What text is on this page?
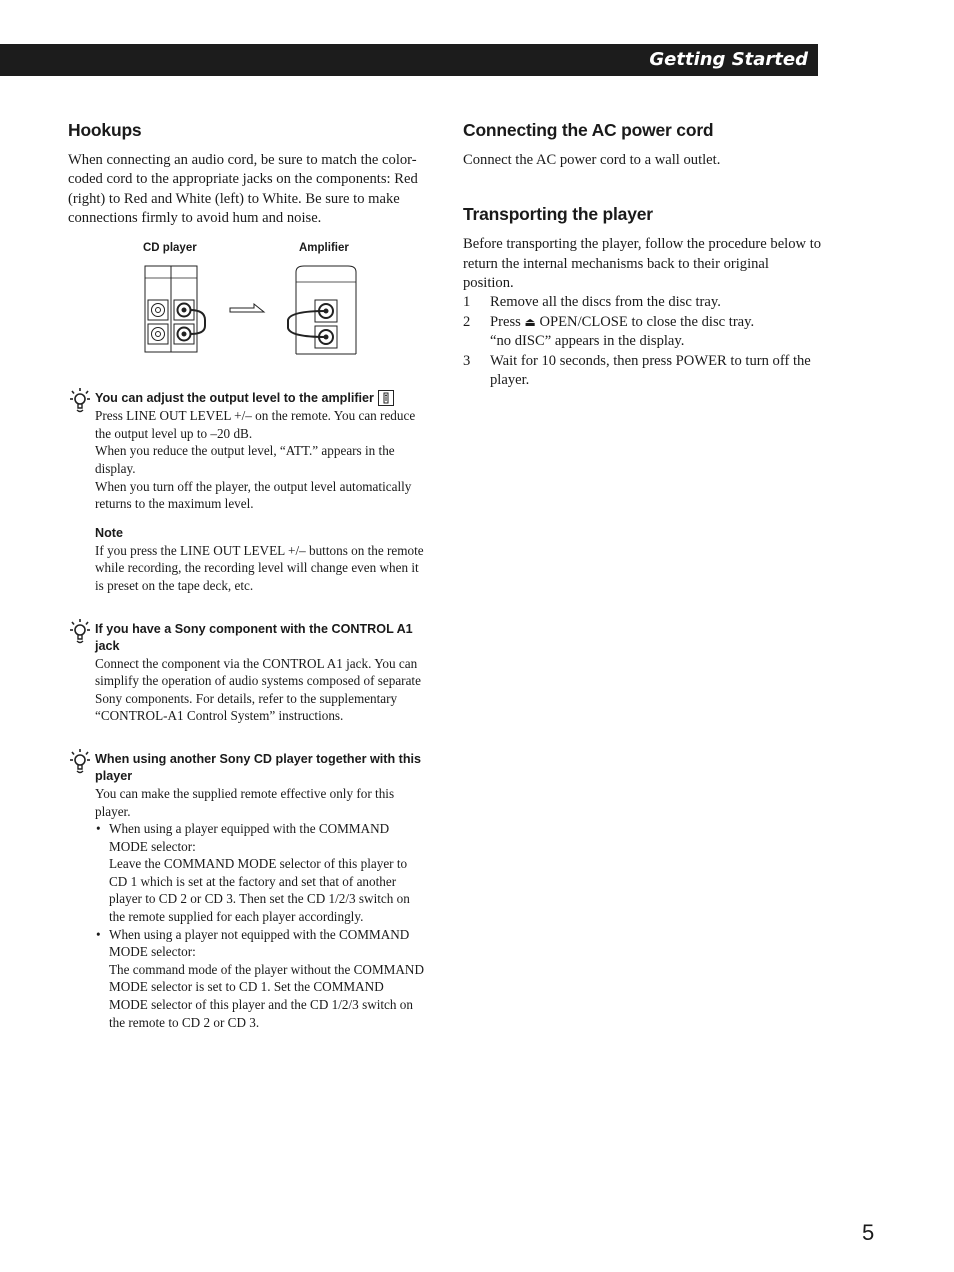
Getting Started
Hookups

When connecting an audio cord, be sure to match the color-coded cord to the appropriate jacks on the components: Red (right) to Red and White (left) to White. Be sure to make connections firmly to avoid hum and noise.

CD player	Amplifier
You can adjust the output level to the amplifier
Press LINE OUT LEVEL +/– on the remote. You can reduce the output level up to –20 dB.
When you reduce the output level, “ATT.” appears in the display.
When you turn off the player, the output level automatically returns to the maximum level.
Note
If you press the LINE OUT LEVEL +/– buttons on the remote while recording, the recording level will change even when it is preset on the tape deck, etc.
If you have a Sony component with the CONTROL A1 jack
Connect the component via the CONTROL A1 jack. You can simplify the operation of audio systems composed of separate Sony components. For details, refer to the supplementary “CONTROL-A1 Control System” instructions.
When using another Sony CD player together with this player
You can make the supplied remote effective only for this player.
• When using a player equipped with the COMMAND MODE selector:
Leave the COMMAND MODE selector of this player to CD 1 which is set at the factory and set that of another player to CD 2 or CD 3. Then set the CD 1/2/3 switch on the remote supplied for each player accordingly.
• When using a player not equipped with the COMMAND MODE selector:
The command mode of the player without the COMMAND MODE selector is set to CD 1. Set the COMMAND MODE selector of this player and the CD 1/2/3 switch on the remote to CD 2 or CD 3.
Connecting the AC power cord

Connect the AC power cord to a wall outlet.

Transporting the player

Before transporting the player, follow the procedure below to return the internal mechanisms back to their original position.

1 Remove all the discs from the disc tray.
2 Press ⏏ OPEN/CLOSE to close the disc tray.
“no dISC” appears in the display.
3 Wait for 10 seconds, then press POWER to turn off the player.
5
